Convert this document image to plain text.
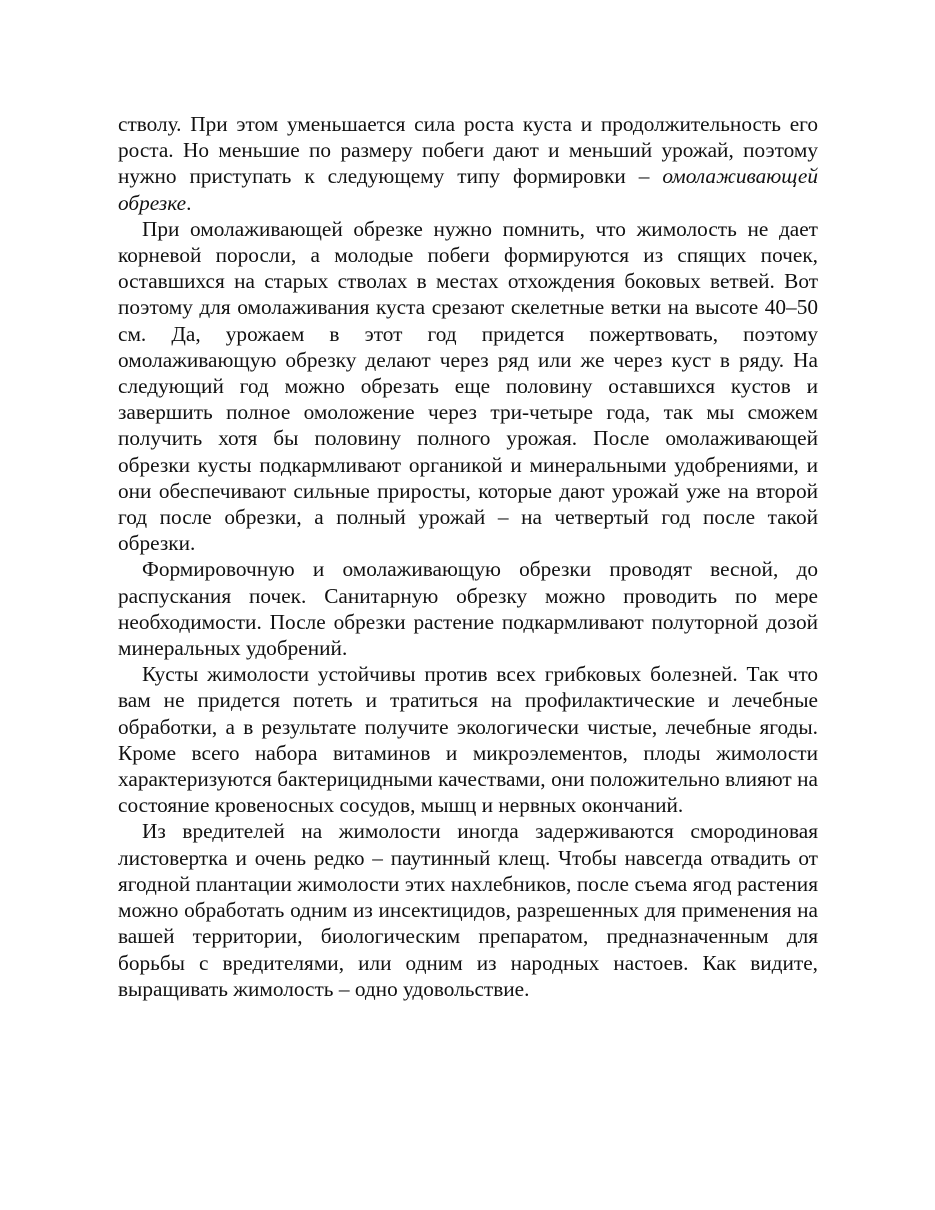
стволу. При этом уменьшается сила роста куста и продолжительность его роста. Но меньшие по размеру побеги дают и меньший урожай, поэтому нужно приступать к следующему типу формировки – омолаживающей обрезке.

При омолаживающей обрезке нужно помнить, что жимолость не дает корневой поросли, а молодые побеги формируются из спящих почек, оставшихся на старых стволах в местах отхождения боковых ветвей. Вот поэтому для омолаживания куста срезают скелетные ветки на высоте 40–50 см. Да, урожаем в этот год придется пожертвовать, поэтому омолаживающую обрезку делают через ряд или же через куст в ряду. На следующий год можно обрезать еще половину оставшихся кустов и завершить полное омоложение через три-четыре года, так мы сможем получить хотя бы половину полного урожая. После омолаживающей обрезки кусты подкармливают органикой и минеральными удобрениями, и они обеспечивают сильные приросты, которые дают урожай уже на второй год после обрезки, а полный урожай – на четвертый год после такой обрезки.

Формировочную и омолаживающую обрезки проводят весной, до распускания почек. Санитарную обрезку можно проводить по мере необходимости. После обрезки растение подкармливают полуторной дозой минеральных удобрений.

Кусты жимолости устойчивы против всех грибковых болезней. Так что вам не придется потеть и тратиться на профилактические и лечебные обработки, а в результате получите экологически чистые, лечебные ягоды. Кроме всего набора витаминов и микроэлементов, плоды жимолости характеризуются бактерицидными качествами, они положительно влияют на состояние кровеносных сосудов, мышц и нервных окончаний.

Из вредителей на жимолости иногда задерживаются смородиновая листовертка и очень редко – паутинный клещ. Чтобы навсегда отвадить от ягодной плантации жимолости этих нахлебников, после съема ягод растения можно обработать одним из инсектицидов, разрешенных для применения на вашей территории, биологическим препаратом, предназначенным для борьбы с вредителями, или одним из народных настоев. Как видите, выращивать жимолость – одно удовольствие.
